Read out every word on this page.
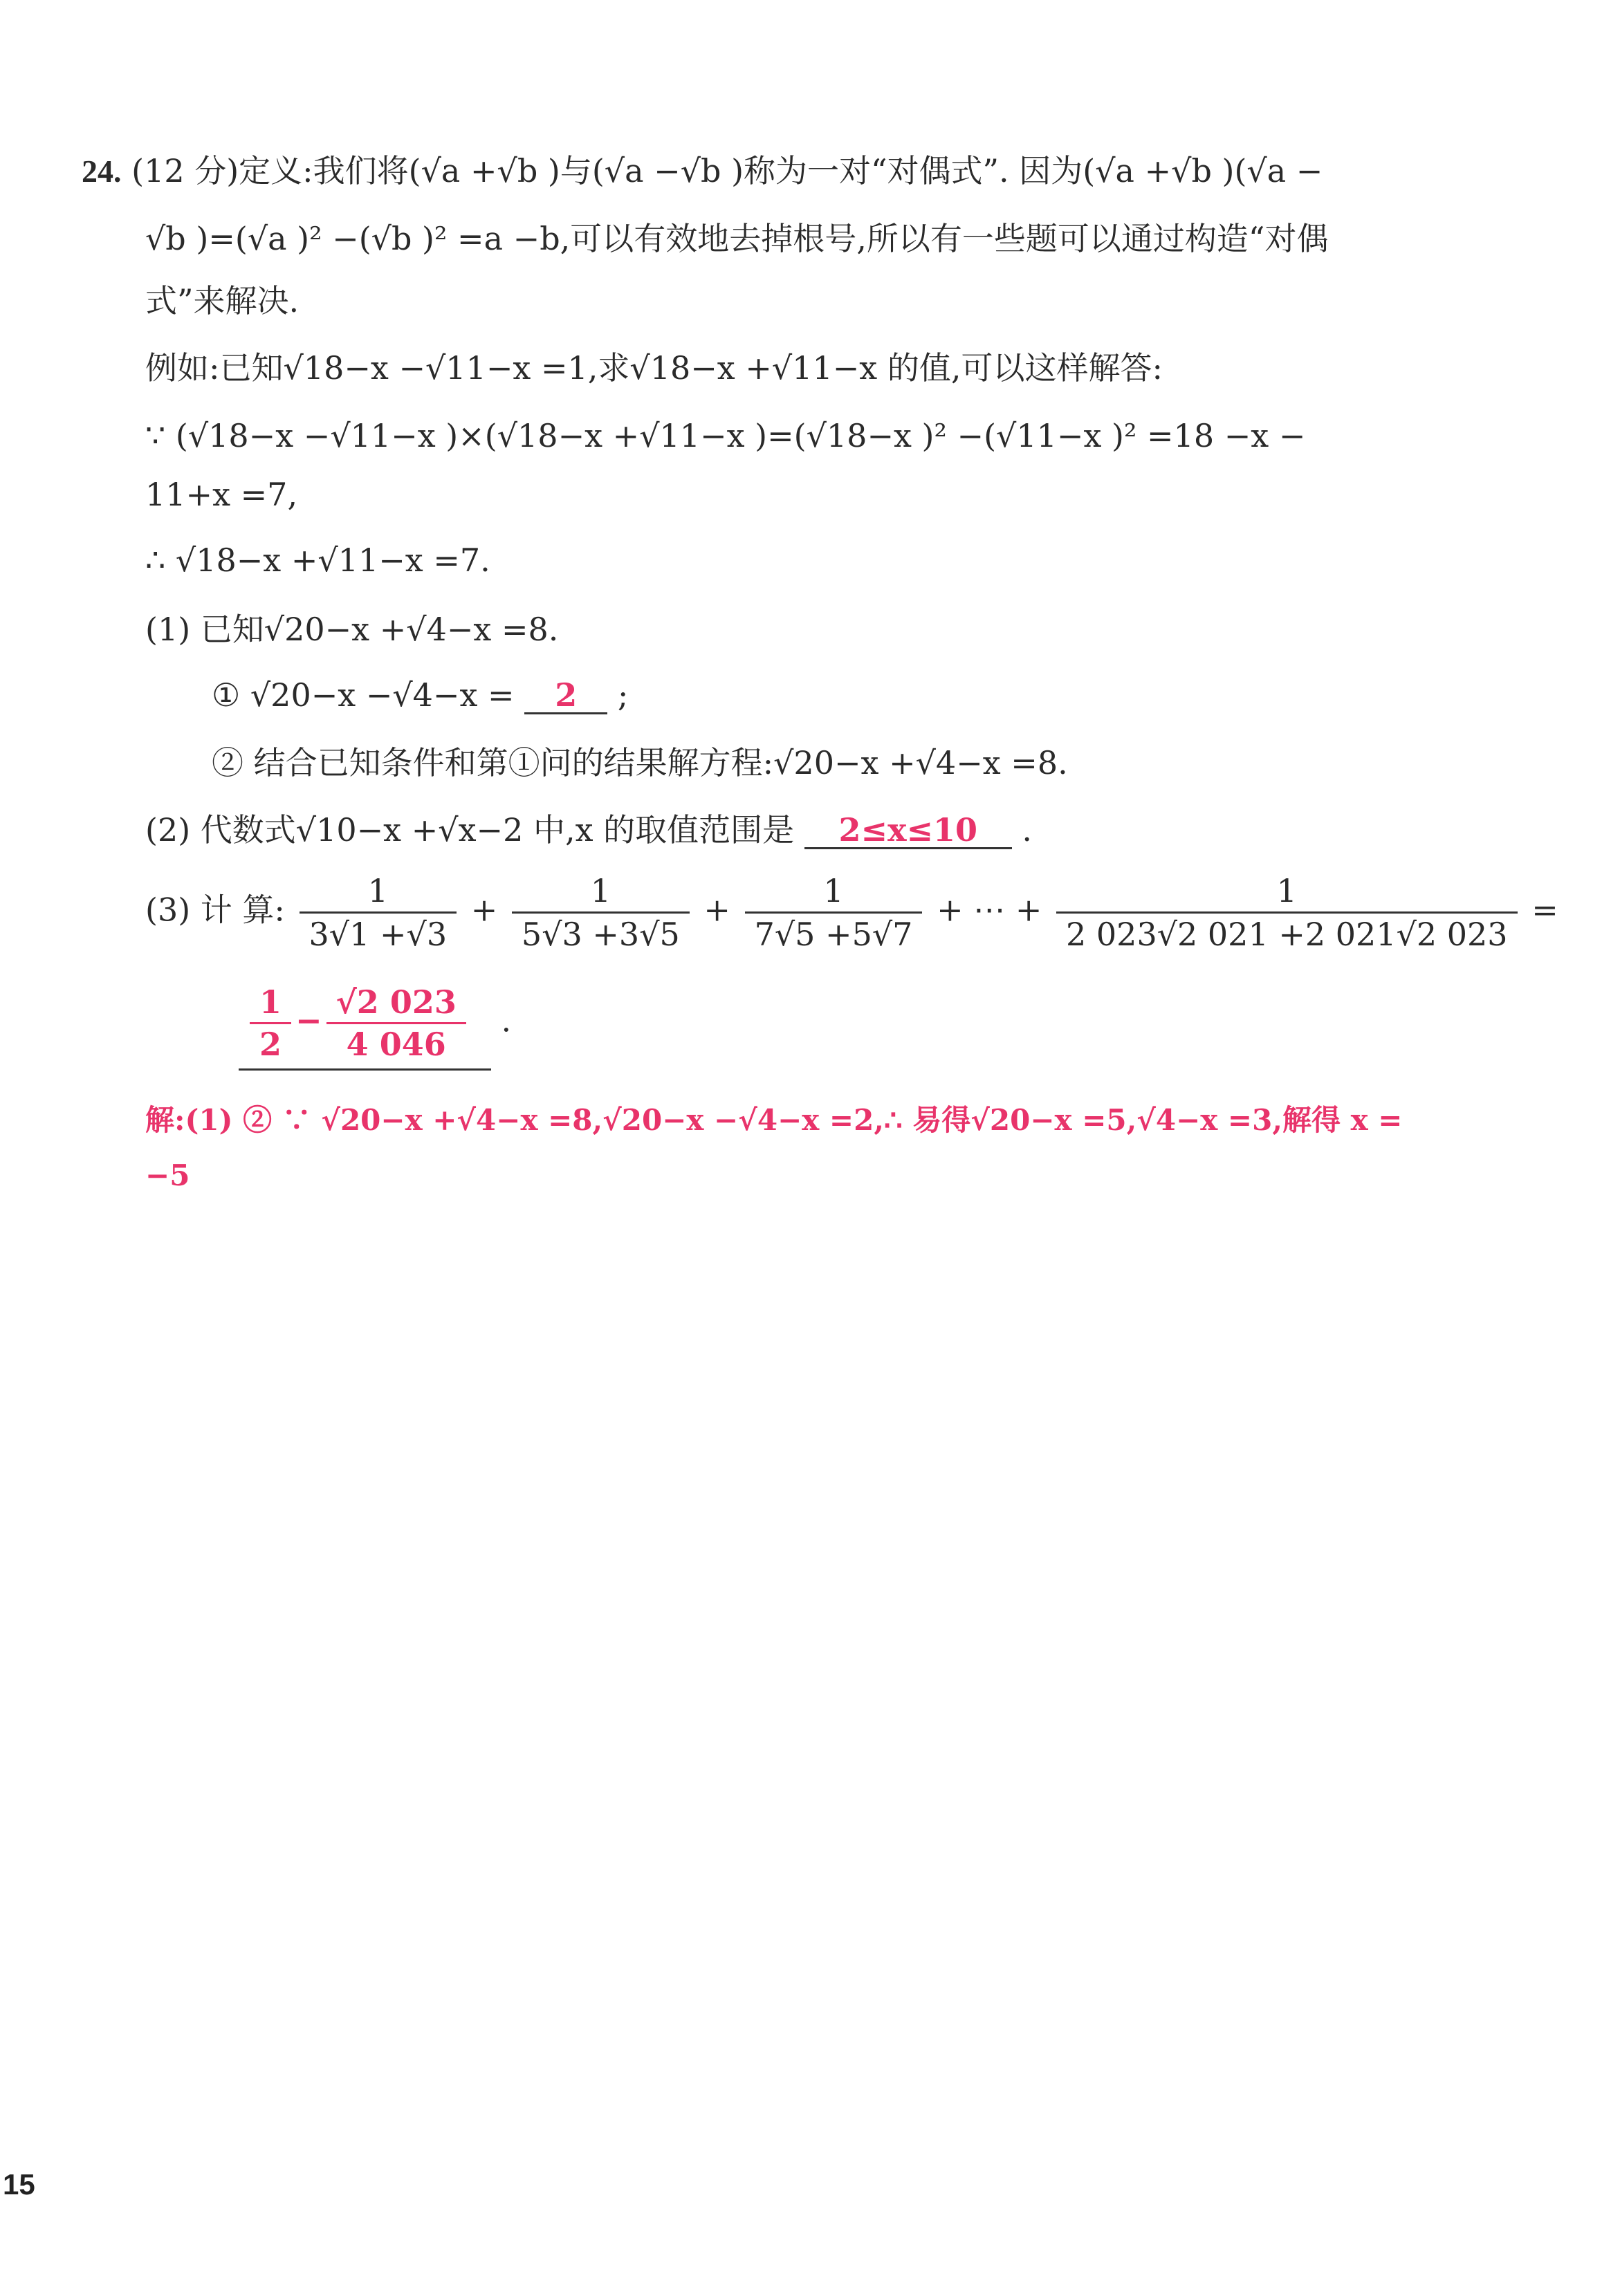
24. (12 分)定义:我们将(√a +√b )与(√a −√b )称为一对“对偶式”. 因为(√a +√b )(√a −
√b )=(√a )² −(√b )² =a −b,可以有效地去掉根号,所以有一些题可以通过构造“对偶
式”来解决.
例如:已知√18−x −√11−x =1,求√18−x +√11−x 的值,可以这样解答:
∵ (√18−x −√11−x )×(√18−x +√11−x )=(√18−x )² −(√11−x )² =18 −x −
11+x =7,
∴ √18−x +√11−x =7.
(1) 已知√20−x +√4−x =8.
① √20−x −√4−x = 2 ;
② 结合已知条件和第①问的结果解方程:√20−x +√4−x =8.
(2) 代数式√10−x +√x−2 中,x 的取值范围是 2≤x≤10 .
(3) 计 算: $\frac{1}{3√1 +√3} + \frac{1}{5√3 +3√5} + \frac{1}{7√5 +5√7}$ + ⋯ + $\frac{1}{2 023√2 021 +2 021√2 023}$ =
$\frac{1}{2} - \frac{√2 023}{4 046}$ .
解:(1) ② ∵ √20−x +√4−x =8,√20−x −√4−x =2,∴ 易得√20−x =5,√4−x =3,解得 x =
−5
15
